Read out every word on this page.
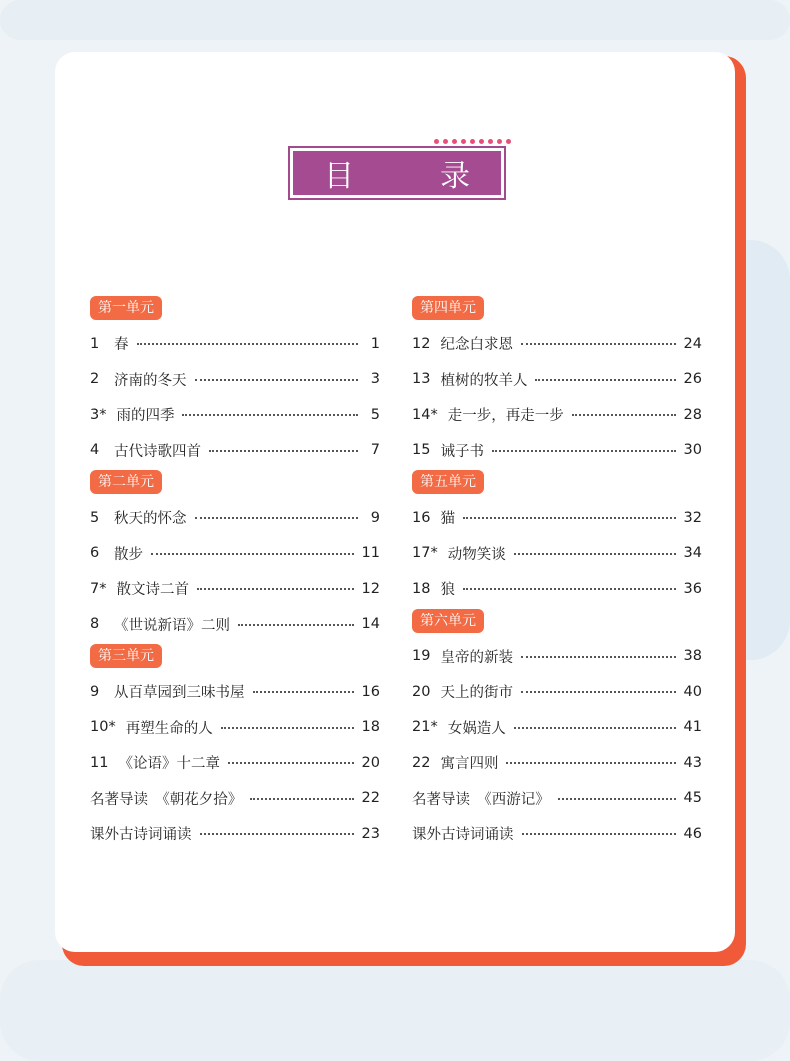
目　录
第一单元
1	春	1
2	济南的冬天	3
3* 雨的四季	5
4	古代诗歌四首	7
第二单元
5	秋天的怀念	9
6	散步	11
7* 散文诗二首	12
8	《世说新语》二则	14
第三单元
9	从百草园到三味书屋	16
10* 再塑生命的人	18
11 《论语》十二章	20
名著导读　《朝花夕拾》	22
课外古诗词诵读	23
第四单元
12 纪念白求恩	24
13 植树的牧羊人	26
14* 走一步，再走一步	28
15 诫子书	30
第五单元
16 猫	32
17* 动物笑谈	34
18 狼	36
第六单元
19 皇帝的新装	38
20 天上的街市	40
21* 女娲造人	41
22 寓言四则	43
名著导读　《西游记》	45
课外古诗词诵读	46
